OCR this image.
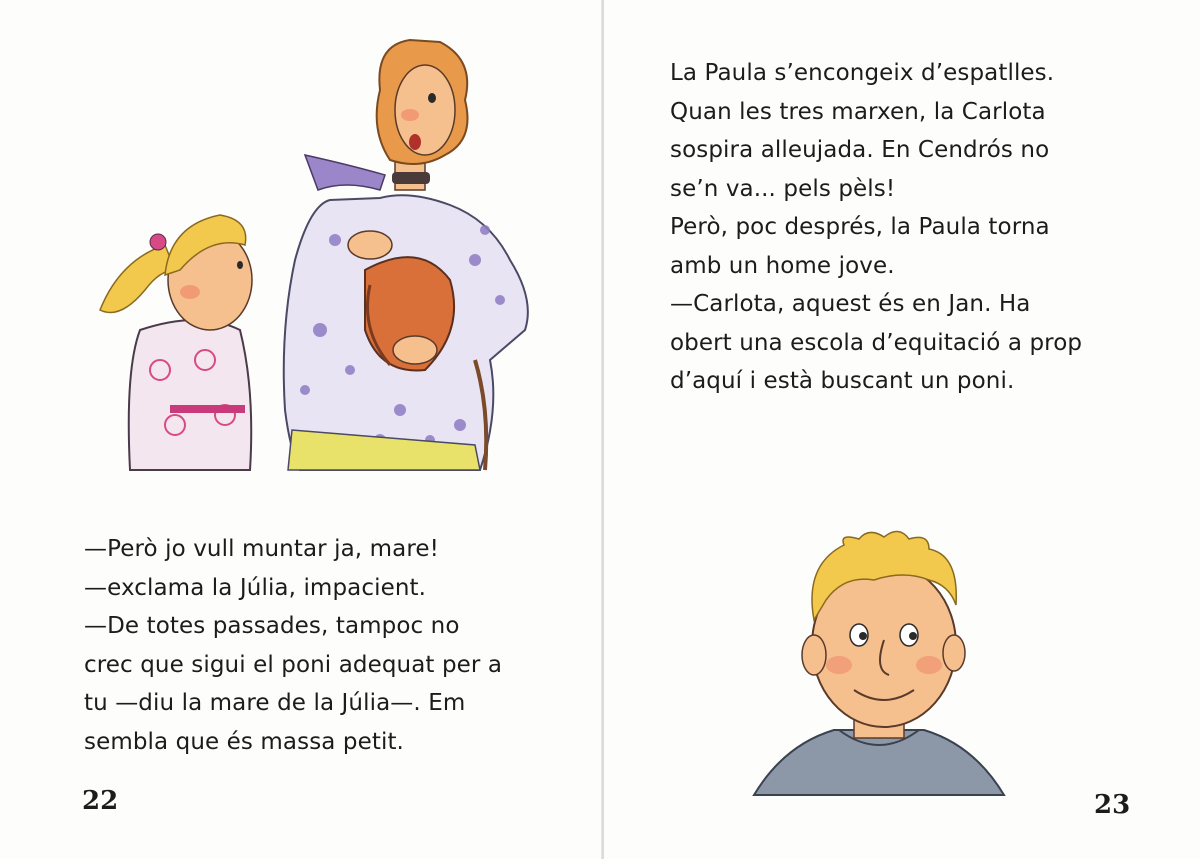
—Però jo vull muntar ja, mare!

—exclama la Júlia, impacient.

—De totes passades, tampoc no

crec que sigui el poni adequat per a

tu —diu la mare de la Júlia—. Em

sembla que és massa petit.

22

La Paula s’encongeix d’espatlles.

Quan les tres marxen, la Carlota

sospira alleujada. En Cendrós no

se’n va... pels pèls!

Però, poc després, la Paula torna

amb un home jove.

—Carlota, aquest és en Jan. Ha

obert una escola d’equitació a prop

d’aquí i està buscant un poni.

23
